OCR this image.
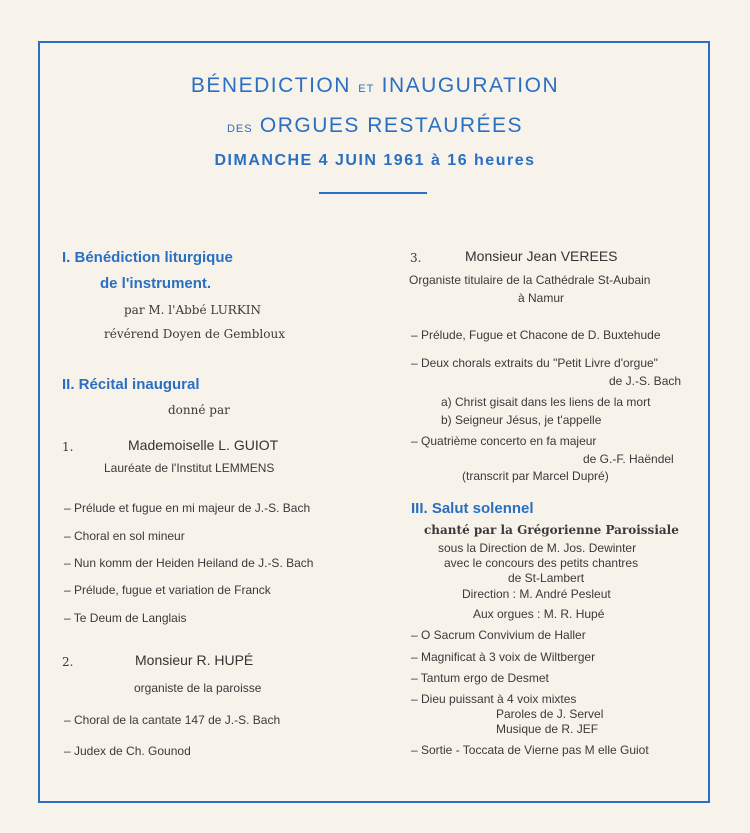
BÉNEDICTION ET INAUGURATION
DES ORGUES RESTAURÉES
DIMANCHE 4 JUIN 1961 à 16 heures
I. Bénédiction liturgique
de l'instrument.
par M. l'Abbé LURKIN
révérend Doyen de Gembloux
II. Récital inaugural
donné par
1.	Mademoiselle L. GUIOT
Lauréate de l'Institut LEMMENS
– Prélude et fugue en mi majeur de J.-S. Bach
– Choral en sol mineur
– Nun komm der Heiden Heiland de J.-S. Bach
– Prélude, fugue et variation de Franck
– Te Deum de Langlais
2.	Monsieur R. HUPÉ
organiste de la paroisse
– Choral de la cantate 147 de J.-S. Bach
– Judex de Ch. Gounod
3.	Monsieur Jean VEREES
Organiste titulaire de la Cathédrale St-Aubain
à Namur
– Prélude, Fugue et Chacone de D. Buxtehude
– Deux chorals extraits du "Petit Livre d'orgue"
de J.-S. Bach
a) Christ gisait dans les liens de la mort
b) Seigneur Jésus, je t'appelle
– Quatrième concerto en fa majeur
de G.-F. Haëndel
(transcrit par Marcel Dupré)
III. Salut solennel
chanté par la Grégorienne Paroissiale
sous la Direction de M. Jos. Dewinter
avec le concours des petits chantres
de St-Lambert
Direction : M. André Pesleut
Aux orgues : M. R. Hupé
– O Sacrum Convivium de Haller
– Magnificat à 3 voix de Wiltberger
– Tantum ergo de Desmet
– Dieu puissant à 4 voix mixtes
Paroles de J. Servel
Musique de R. JEF
– Sortie - Toccata de Vierne pas M elle Guiot
